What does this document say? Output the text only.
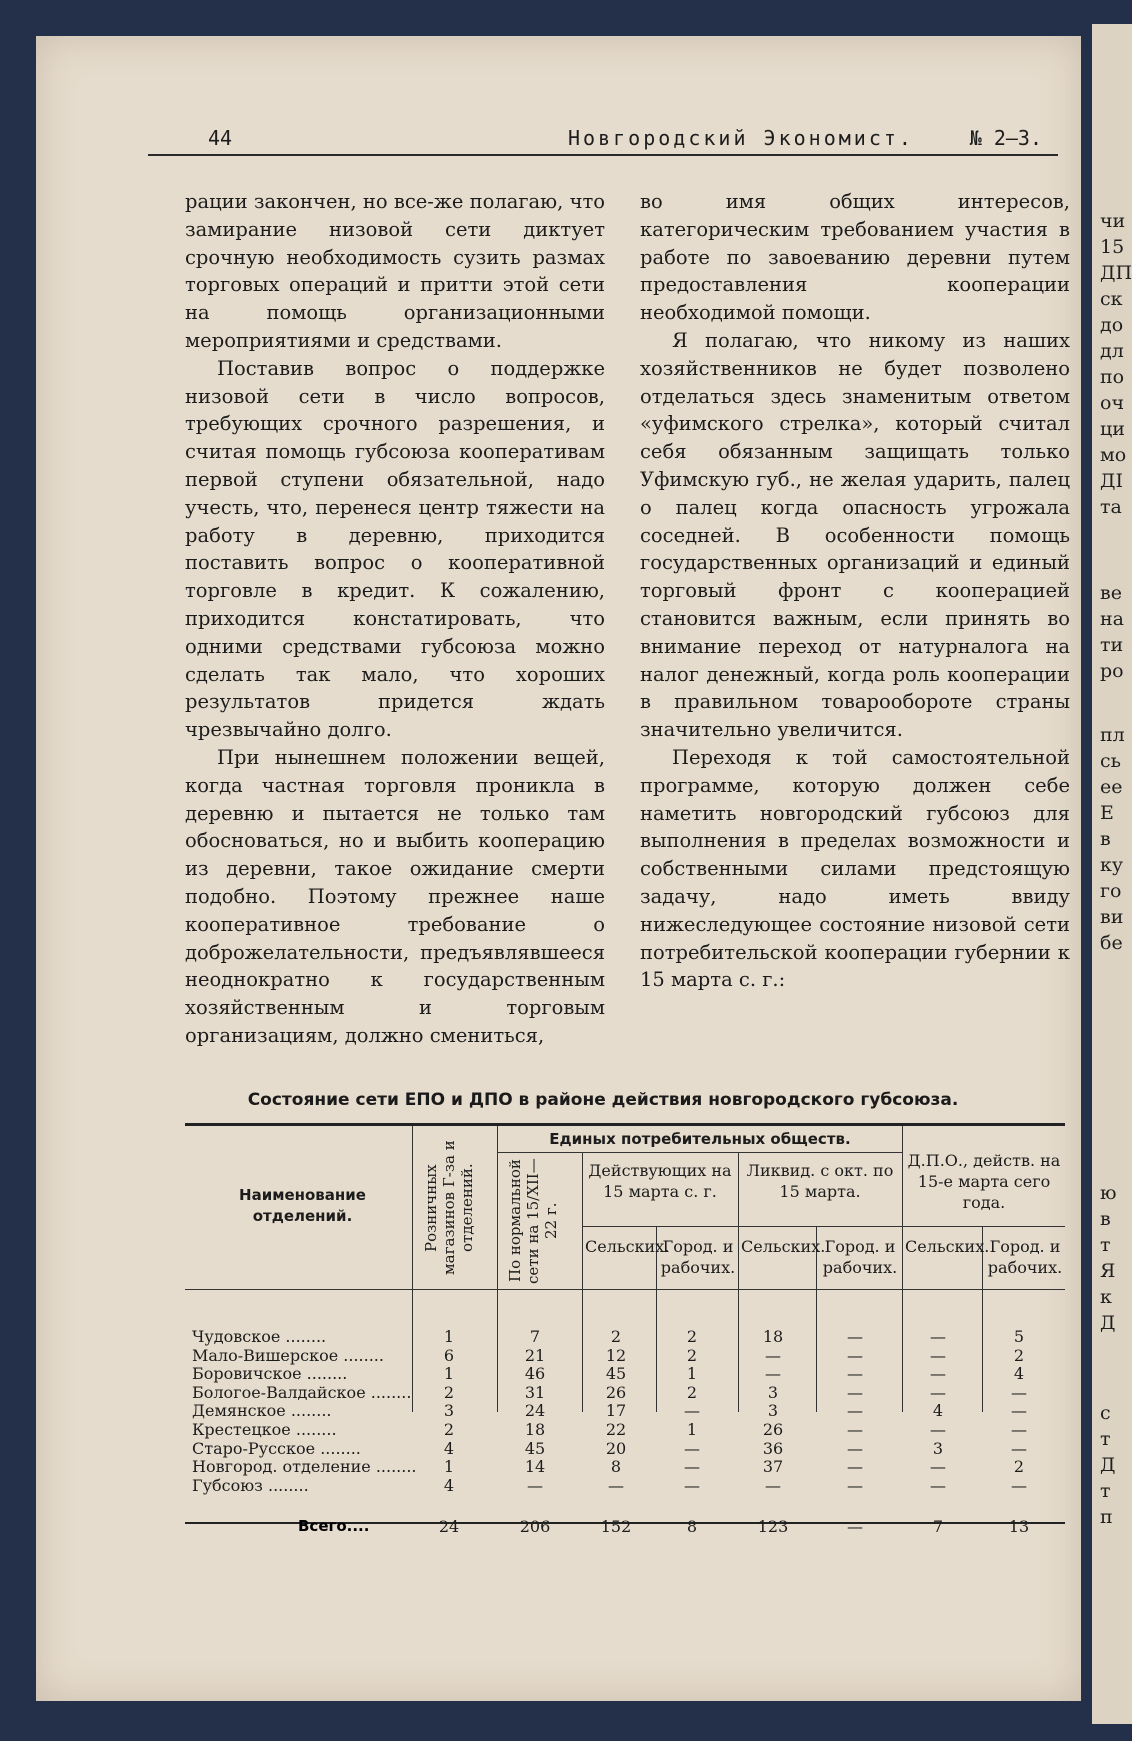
чи
15
ДП
ск
до
дл
по
оч
ци
мо
ДІ
та
ве
на
ти
ро
пл
сь
ее
Е
в
ку
го
ви
бе
ю
в
т
Я
к
Д
с
т
Д
т
п
44	Новгородский Экономист.	№ 2—3.

рации закончен, но все-же полагаю, что замирание низовой сети диктует срочную необходимость сузить размах торговых операций и притти этой сети на помощь организационными мероприятиями и средствами.

Поставив вопрос о поддержке низовой сети в число вопросов, требующих срочного разрешения, и считая помощь губсоюза кооперативам первой ступени обязательной, надо учесть, что, перенеся центр тяжести на работу в деревню, приходится поставить вопрос о кооперативной торговле в кредит. К сожалению, приходится констатировать, что одними средствами губсоюза можно сделать так мало, что хороших результатов придется ждать чрезвычайно долго.

При нынешнем положении вещей, когда частная торговля проникла в деревню и пытается не только там обосноваться, но и выбить кооперацию из деревни, такое ожидание смерти подобно. Поэтому прежнее наше кооперативное требование о доброжелательности, предъявлявшееся неоднократно к государственным хозяйственным и торговым организациям, должно смениться,

во имя общих интересов, категорическим требованием участия в работе по завоеванию деревни путем предоставления кооперации необходимой помощи.

Я полагаю, что никому из наших хозяйственников не будет позволено отделаться здесь знаменитым ответом «уфимского стрелка», который считал себя обязанным защищать только Уфимскую губ., не желая ударить, палец о палец когда опасность угрожала соседней. В особенности помощь государственных организаций и единый торговый фронт с кооперацией становится важным, если принять во внимание переход от натурналога на налог денежный, когда роль кооперации в правильном товарообороте страны значительно увеличится.

Переходя к той самостоятельной программе, которую должен себе наметить новгородский губсоюз для выполнения в пределах возможности и собственными силами предстоящую задачу, надо иметь ввиду нижеследующее состояние низовой сети потребительской кооперации губернии к 15 марта с. г.:

Состояние сети ЕПО и ДПО в районе действия новгородского губсоюза.
Наименование отделений.	Розничных магазинов Г-за и отделений.	По нормальной сети на 15/XII—22 г.
Единых потребительных обществ.
Действующих на 15 марта с. г.
Ликвид. с окт. по 15 марта.
Д.П.О., действ. на 15-е марта сего года.
Сельских.
Город. и рабочих.
Сельских. Город. и рабочих.
Сельских. Город. и рабочих.
Чудовское ........	1	7	2	2	18	—	—	5
Мало-Вишерское ........	6	21	12	2	—	—	—	2
Боровичское ........	1	46	45	1	—	—	—	4
Бологое-Валдайское ........	2	31	26	2	3	—	—	—
Демянское ........	3	24	17	—	3	—	4	—
Крестецкое ........	2	18	22	1	26	—	—	—
Старо-Русское ........	4	45	20	—	36	—	3	—
Новгород. отделение ........	1	14	8	—	37	—	—	2
Губсоюз ........	4	—	—	—	—	—	—	—
Всего....	24	206	152	8	123	—	7	13
